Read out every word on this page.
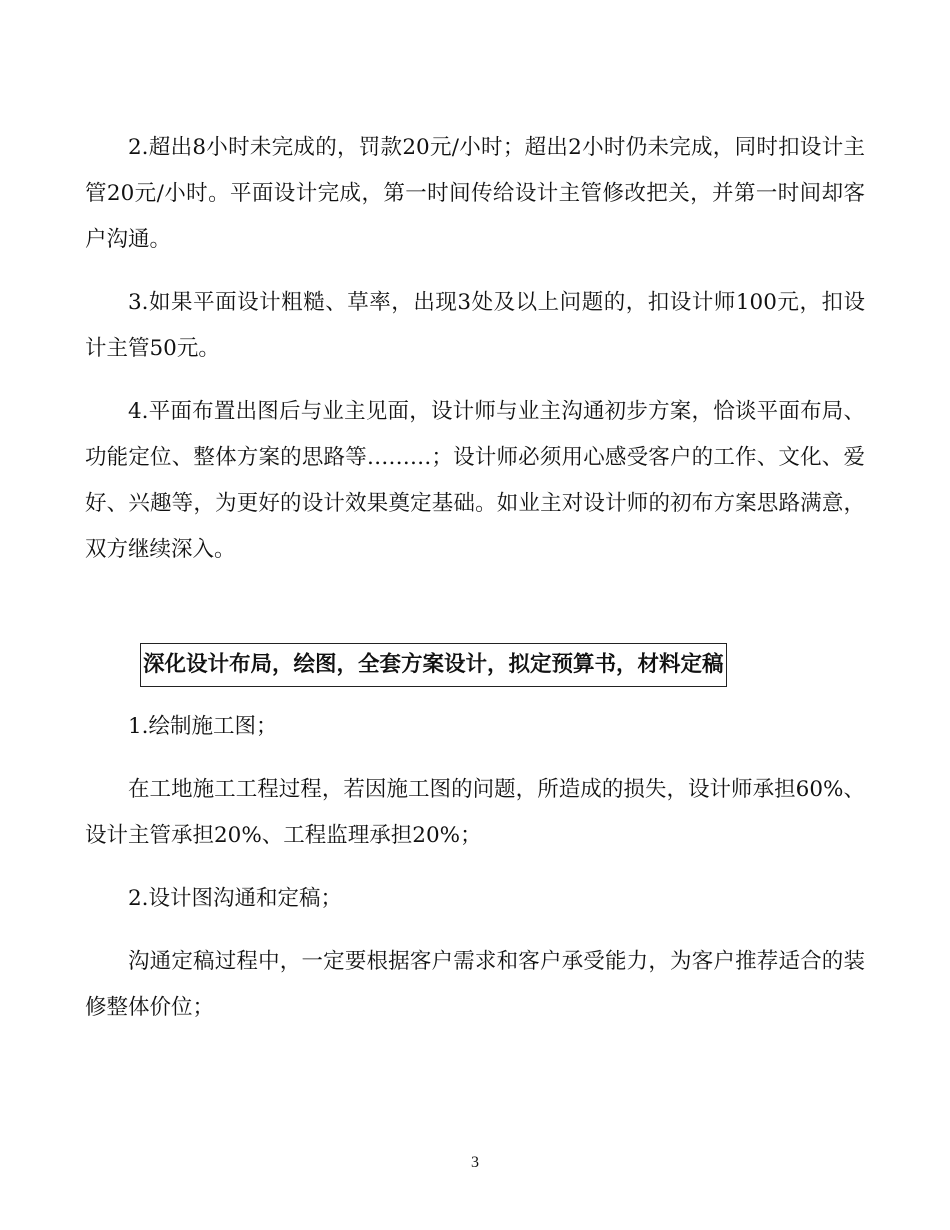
2.超出8小时未完成的，罚款20元/小时；超出2小时仍未完成，同时扣设计主管20元/小时。平面设计完成，第一时间传给设计主管修改把关，并第一时间却客户沟通。

3.如果平面设计粗糙、草率，出现3处及以上问题的，扣设计师100元，扣设计主管50元。

4.平面布置出图后与业主见面，设计师与业主沟通初步方案，恰谈平面布局、功能定位、整体方案的思路等………；设计师必须用心感受客户的工作、文化、爱好、兴趣等，为更好的设计效果奠定基础。如业主对设计师的初布方案思路满意，双方继续深入。

深化设计布局，绘图，全套方案设计，拟定预算书，材料定稿

1.绘制施工图；

在工地施工工程过程，若因施工图的问题，所造成的损失，设计师承担60%、设计主管承担20%、工程监理承担20%；

2.设计图沟通和定稿；

沟通定稿过程中，一定要根据客户需求和客户承受能力，为客户推荐适合的装修整体价位；

3
